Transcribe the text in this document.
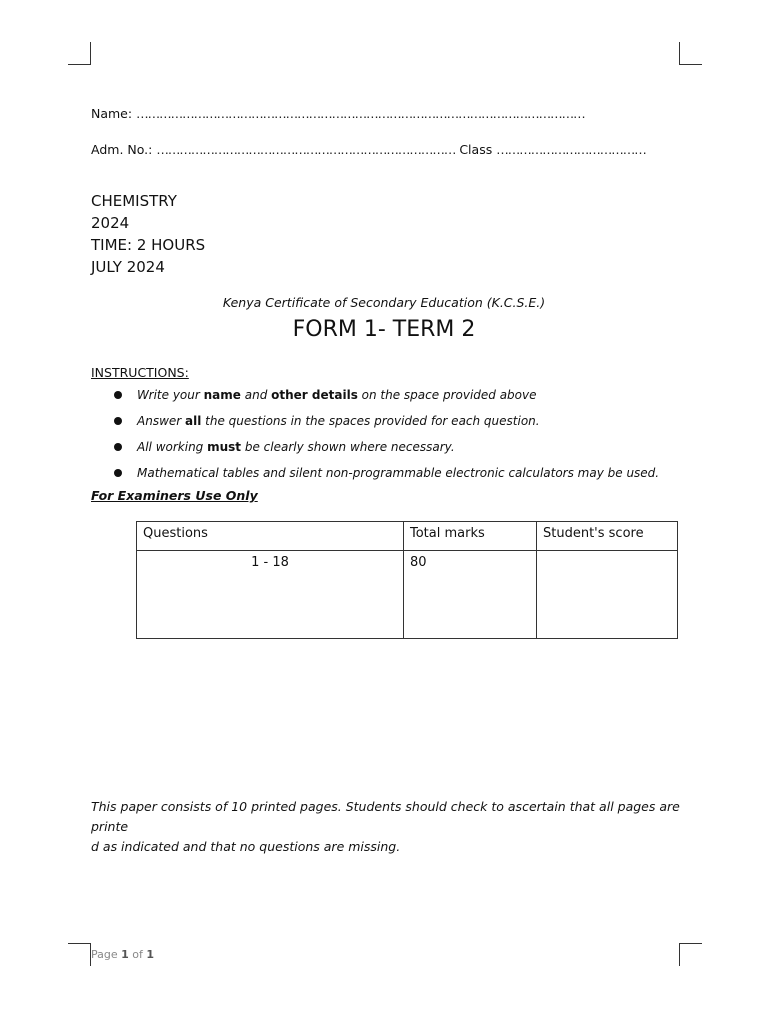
Name: ………………………………………………………………………………………………………
Adm. No.: …………………………………………………………………… Class …………………………………
CHEMISTRY
2024
TIME: 2 HOURS
JULY 2024
Kenya Certificate of Secondary Education (K.C.S.E.)
FORM 1- TERM 2
INSTRUCTIONS:
Write your name and other details on the space provided above
Answer all the questions in the spaces provided for each question.
All working must be clearly shown where necessary.
Mathematical tables and silent non-programmable electronic calculators may be used.
For Examiners Use Only
Questions	Total marks	Student's score
1 - 18	80	
This paper consists of 10 printed pages. Students should check to ascertain that all pages are printe
d as indicated and that no questions are missing.
Page 1 of 1
